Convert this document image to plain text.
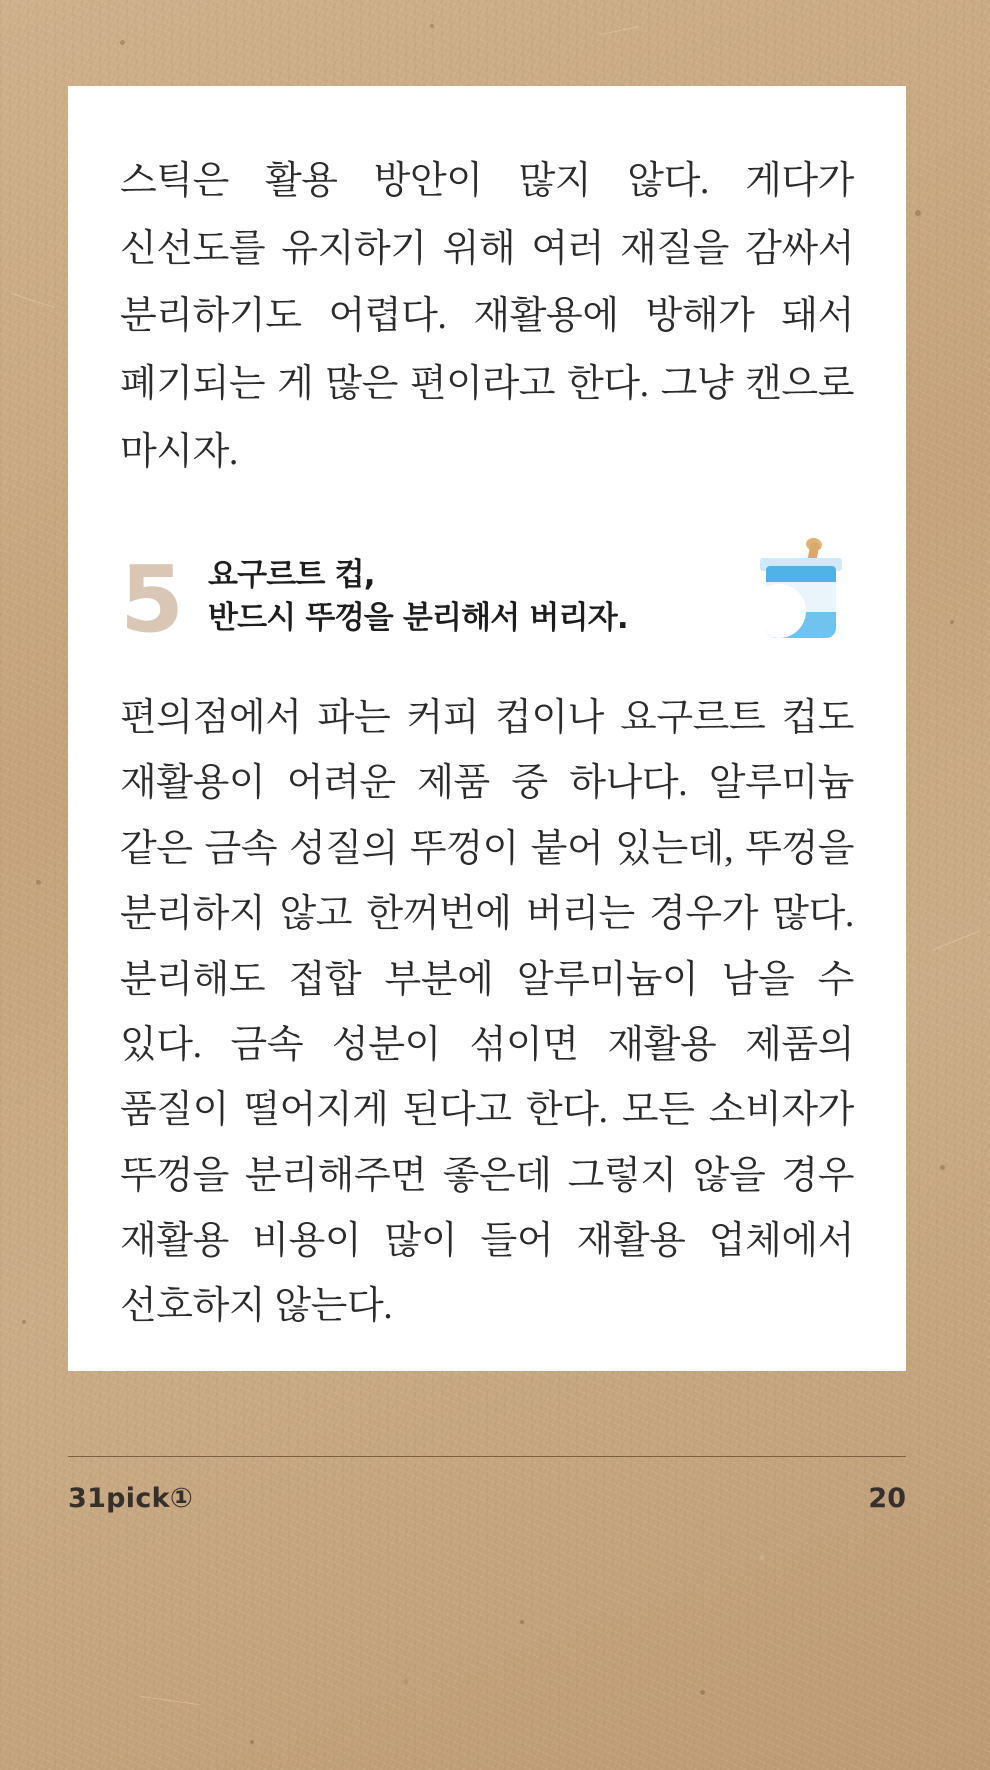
스틱은 활용 방안이 많지 않다. 게다가 신선도를 유지하기 위해 여러 재질을 감싸서 분리하기도 어렵다. 재활용에 방해가 돼서 폐기되는 게 많은 편이라고 한다. 그냥 캔으로 마시자.

5 요구르트 컵,
반드시 뚜껑을 분리해서 버리자.

편의점에서 파는 커피 컵이나 요구르트 컵도 재활용이 어려운 제품 중 하나다. 알루미늄 같은 금속 성질의 뚜껑이 붙어 있는데, 뚜껑을 분리하지 않고 한꺼번에 버리는 경우가 많다. 분리해도 접합 부분에 알루미늄이 남을 수 있다. 금속 성분이 섞이면 재활용 제품의 품질이 떨어지게 된다고 한다. 모든 소비자가 뚜껑을 분리해주면 좋은데 그렇지 않을 경우 재활용 비용이 많이 들어 재활용 업체에서 선호하지 않는다.

31pick①	20
